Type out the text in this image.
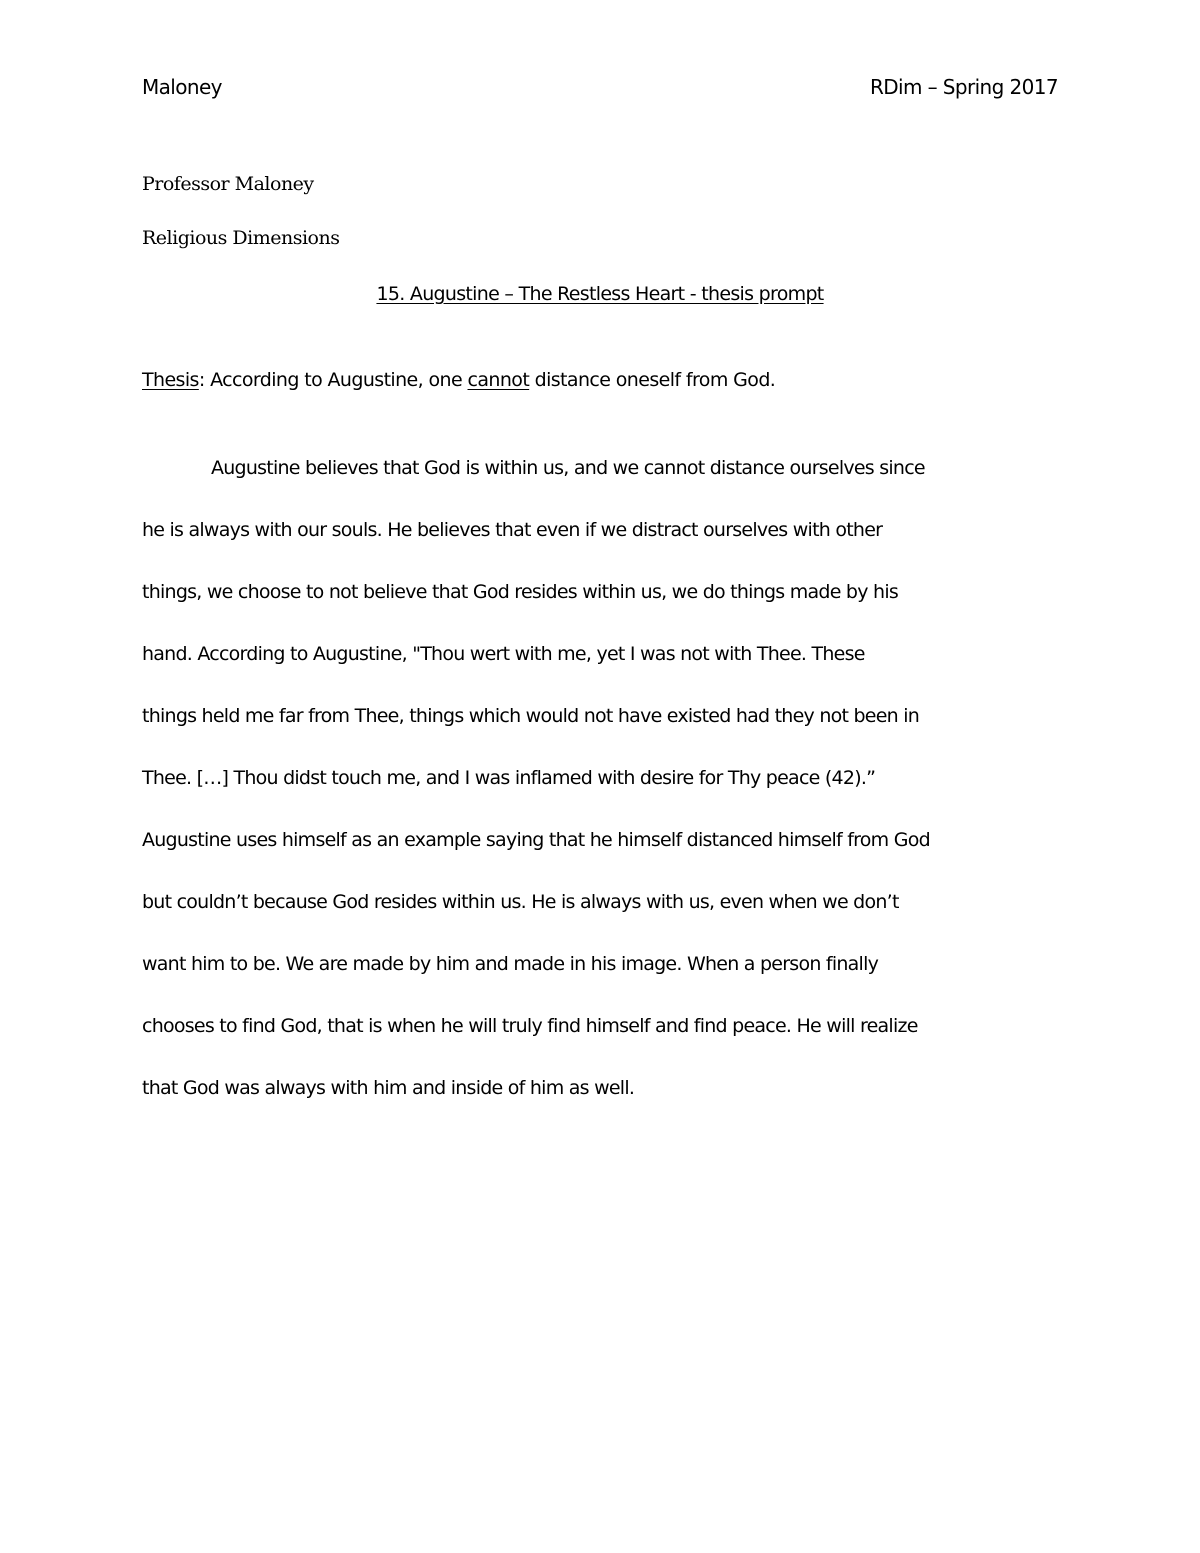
Maloney	RDim – Spring 2017
Professor Maloney
Religious Dimensions
15. Augustine – The Restless Heart - thesis prompt
Thesis: According to Augustine, one cannot distance oneself from God.
Augustine believes that God is within us, and we cannot distance ourselves since
he is always with our souls. He believes that even if we distract ourselves with other
things, we choose to not believe that God resides within us, we do things made by his
hand. According to Augustine, "Thou wert with me, yet I was not with Thee. These
things held me far from Thee, things which would not have existed had they not been in
Thee. […] Thou didst touch me, and I was inflamed with desire for Thy peace (42).”
Augustine uses himself as an example saying that he himself distanced himself from God
but couldn’t because God resides within us. He is always with us, even when we don’t
want him to be. We are made by him and made in his image. When a person finally
chooses to find God, that is when he will truly find himself and find peace. He will realize
that God was always with him and inside of him as well.
